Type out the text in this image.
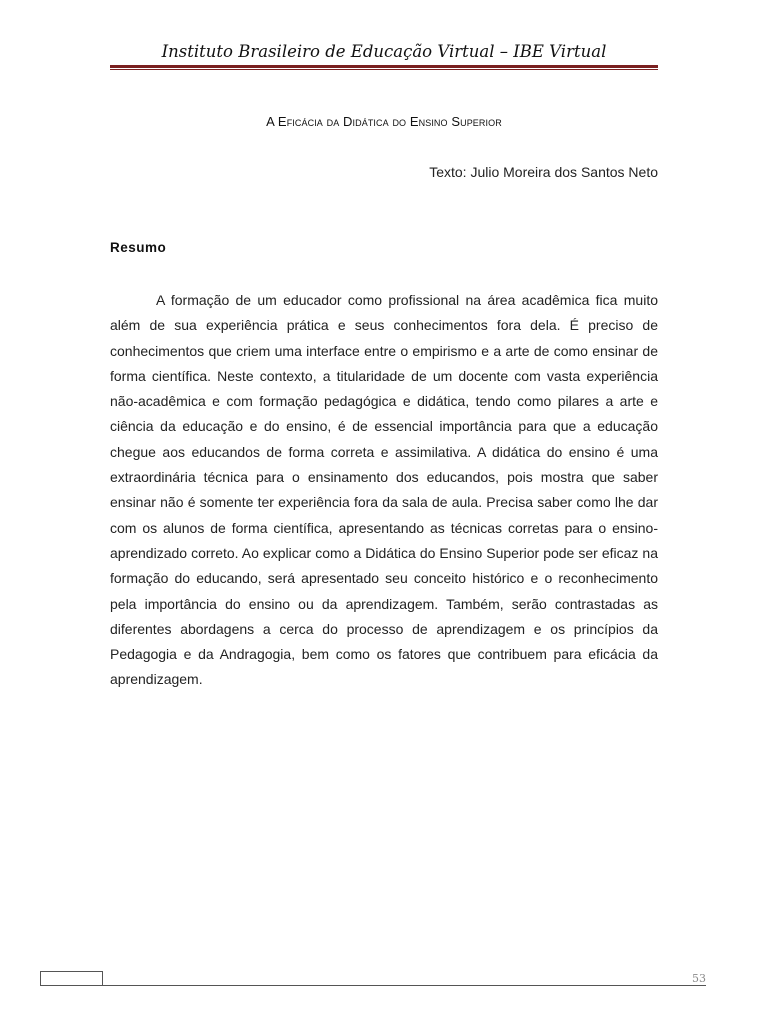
Instituto Brasileiro de Educação Virtual – IBE Virtual
A Eficácia da Didática do Ensino Superior
Texto: Julio Moreira dos Santos Neto
Resumo

A formação de um educador como profissional na área acadêmica fica muito além de sua experiência prática e seus conhecimentos fora dela. É preciso de conhecimentos que criem uma interface entre o empirismo e a arte de como ensinar de forma científica. Neste contexto, a titularidade de um docente com vasta experiência não-acadêmica e com formação pedagógica e didática, tendo como pilares a arte e ciência da educação e do ensino, é de essencial importância para que a educação chegue aos educandos de forma correta e assimilativa. A didática do ensino é uma extraordinária técnica para o ensinamento dos educandos, pois mostra que saber ensinar não é somente ter experiência fora da sala de aula. Precisa saber como lhe dar com os alunos de forma científica, apresentando as técnicas corretas para o ensino-aprendizado correto. Ao explicar como a Didática do Ensino Superior pode ser eficaz na formação do educando, será apresentado seu conceito histórico e o reconhecimento pela importância do ensino ou da aprendizagem. Também, serão contrastadas as diferentes abordagens a cerca do processo de aprendizagem e os princípios da Pedagogia e da Andragogia, bem como os fatores que contribuem para eficácia da aprendizagem.

53
